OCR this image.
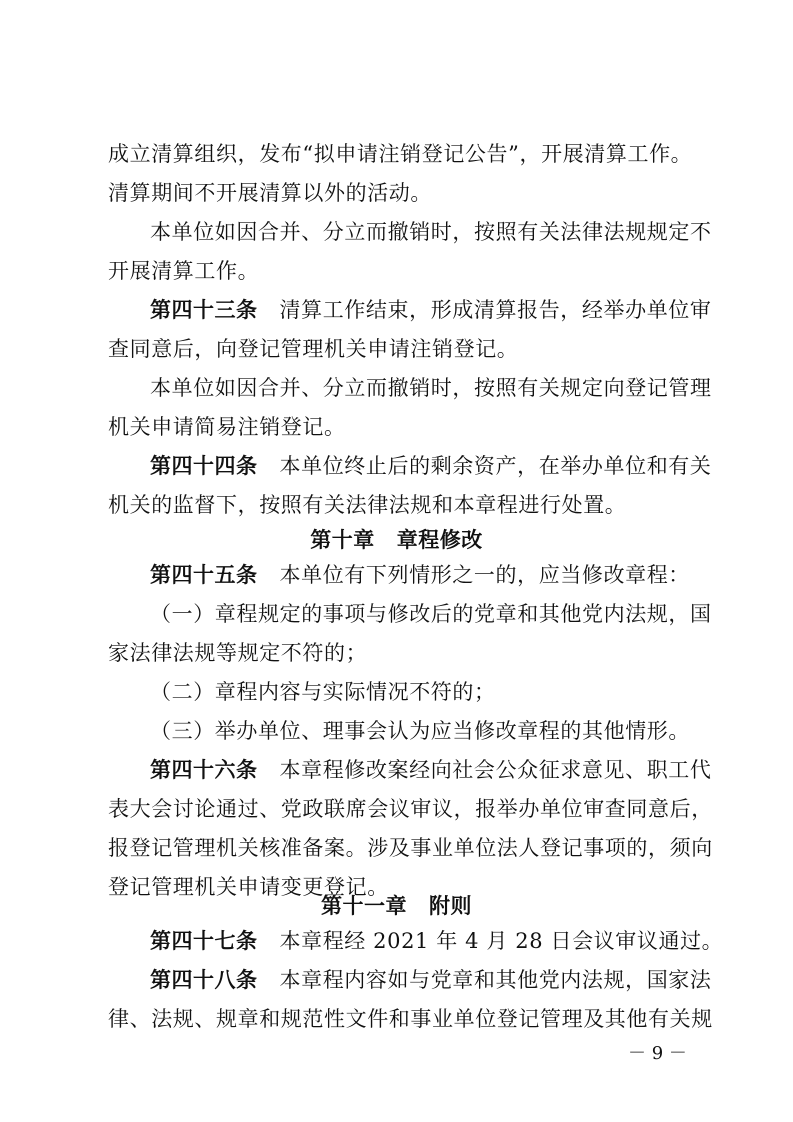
成立清算组织，发布“拟申请注销登记公告”，开展清算工作。
清算期间不开展清算以外的活动。
本单位如因合并、分立而撤销时，按照有关法律法规规定不
开展清算工作。
第四十三条 清算工作结束，形成清算报告，经举办单位审
查同意后，向登记管理机关申请注销登记。
本单位如因合并、分立而撤销时，按照有关规定向登记管理
机关申请简易注销登记。
第四十四条 本单位终止后的剩余资产，在举办单位和有关
机关的监督下，按照有关法律法规和本章程进行处置。
第十章 章程修改
第四十五条 本单位有下列情形之一的，应当修改章程：
（一）章程规定的事项与修改后的党章和其他党内法规，国
家法律法规等规定不符的；
（二）章程内容与实际情况不符的；
（三）举办单位、理事会认为应当修改章程的其他情形。
第四十六条 本章程修改案经向社会公众征求意见、职工代
表大会讨论通过、党政联席会议审议，报举办单位审查同意后，
报登记管理机关核准备案。涉及事业单位法人登记事项的，须向
登记管理机关申请变更登记。
第十一章 附则
第四十七条 本章程经 2021 年 4 月 28 日会议审议通过。
第四十八条 本章程内容如与党章和其他党内法规，国家法
律、法规、规章和规范性文件和事业单位登记管理及其他有关规
－ 9 －
